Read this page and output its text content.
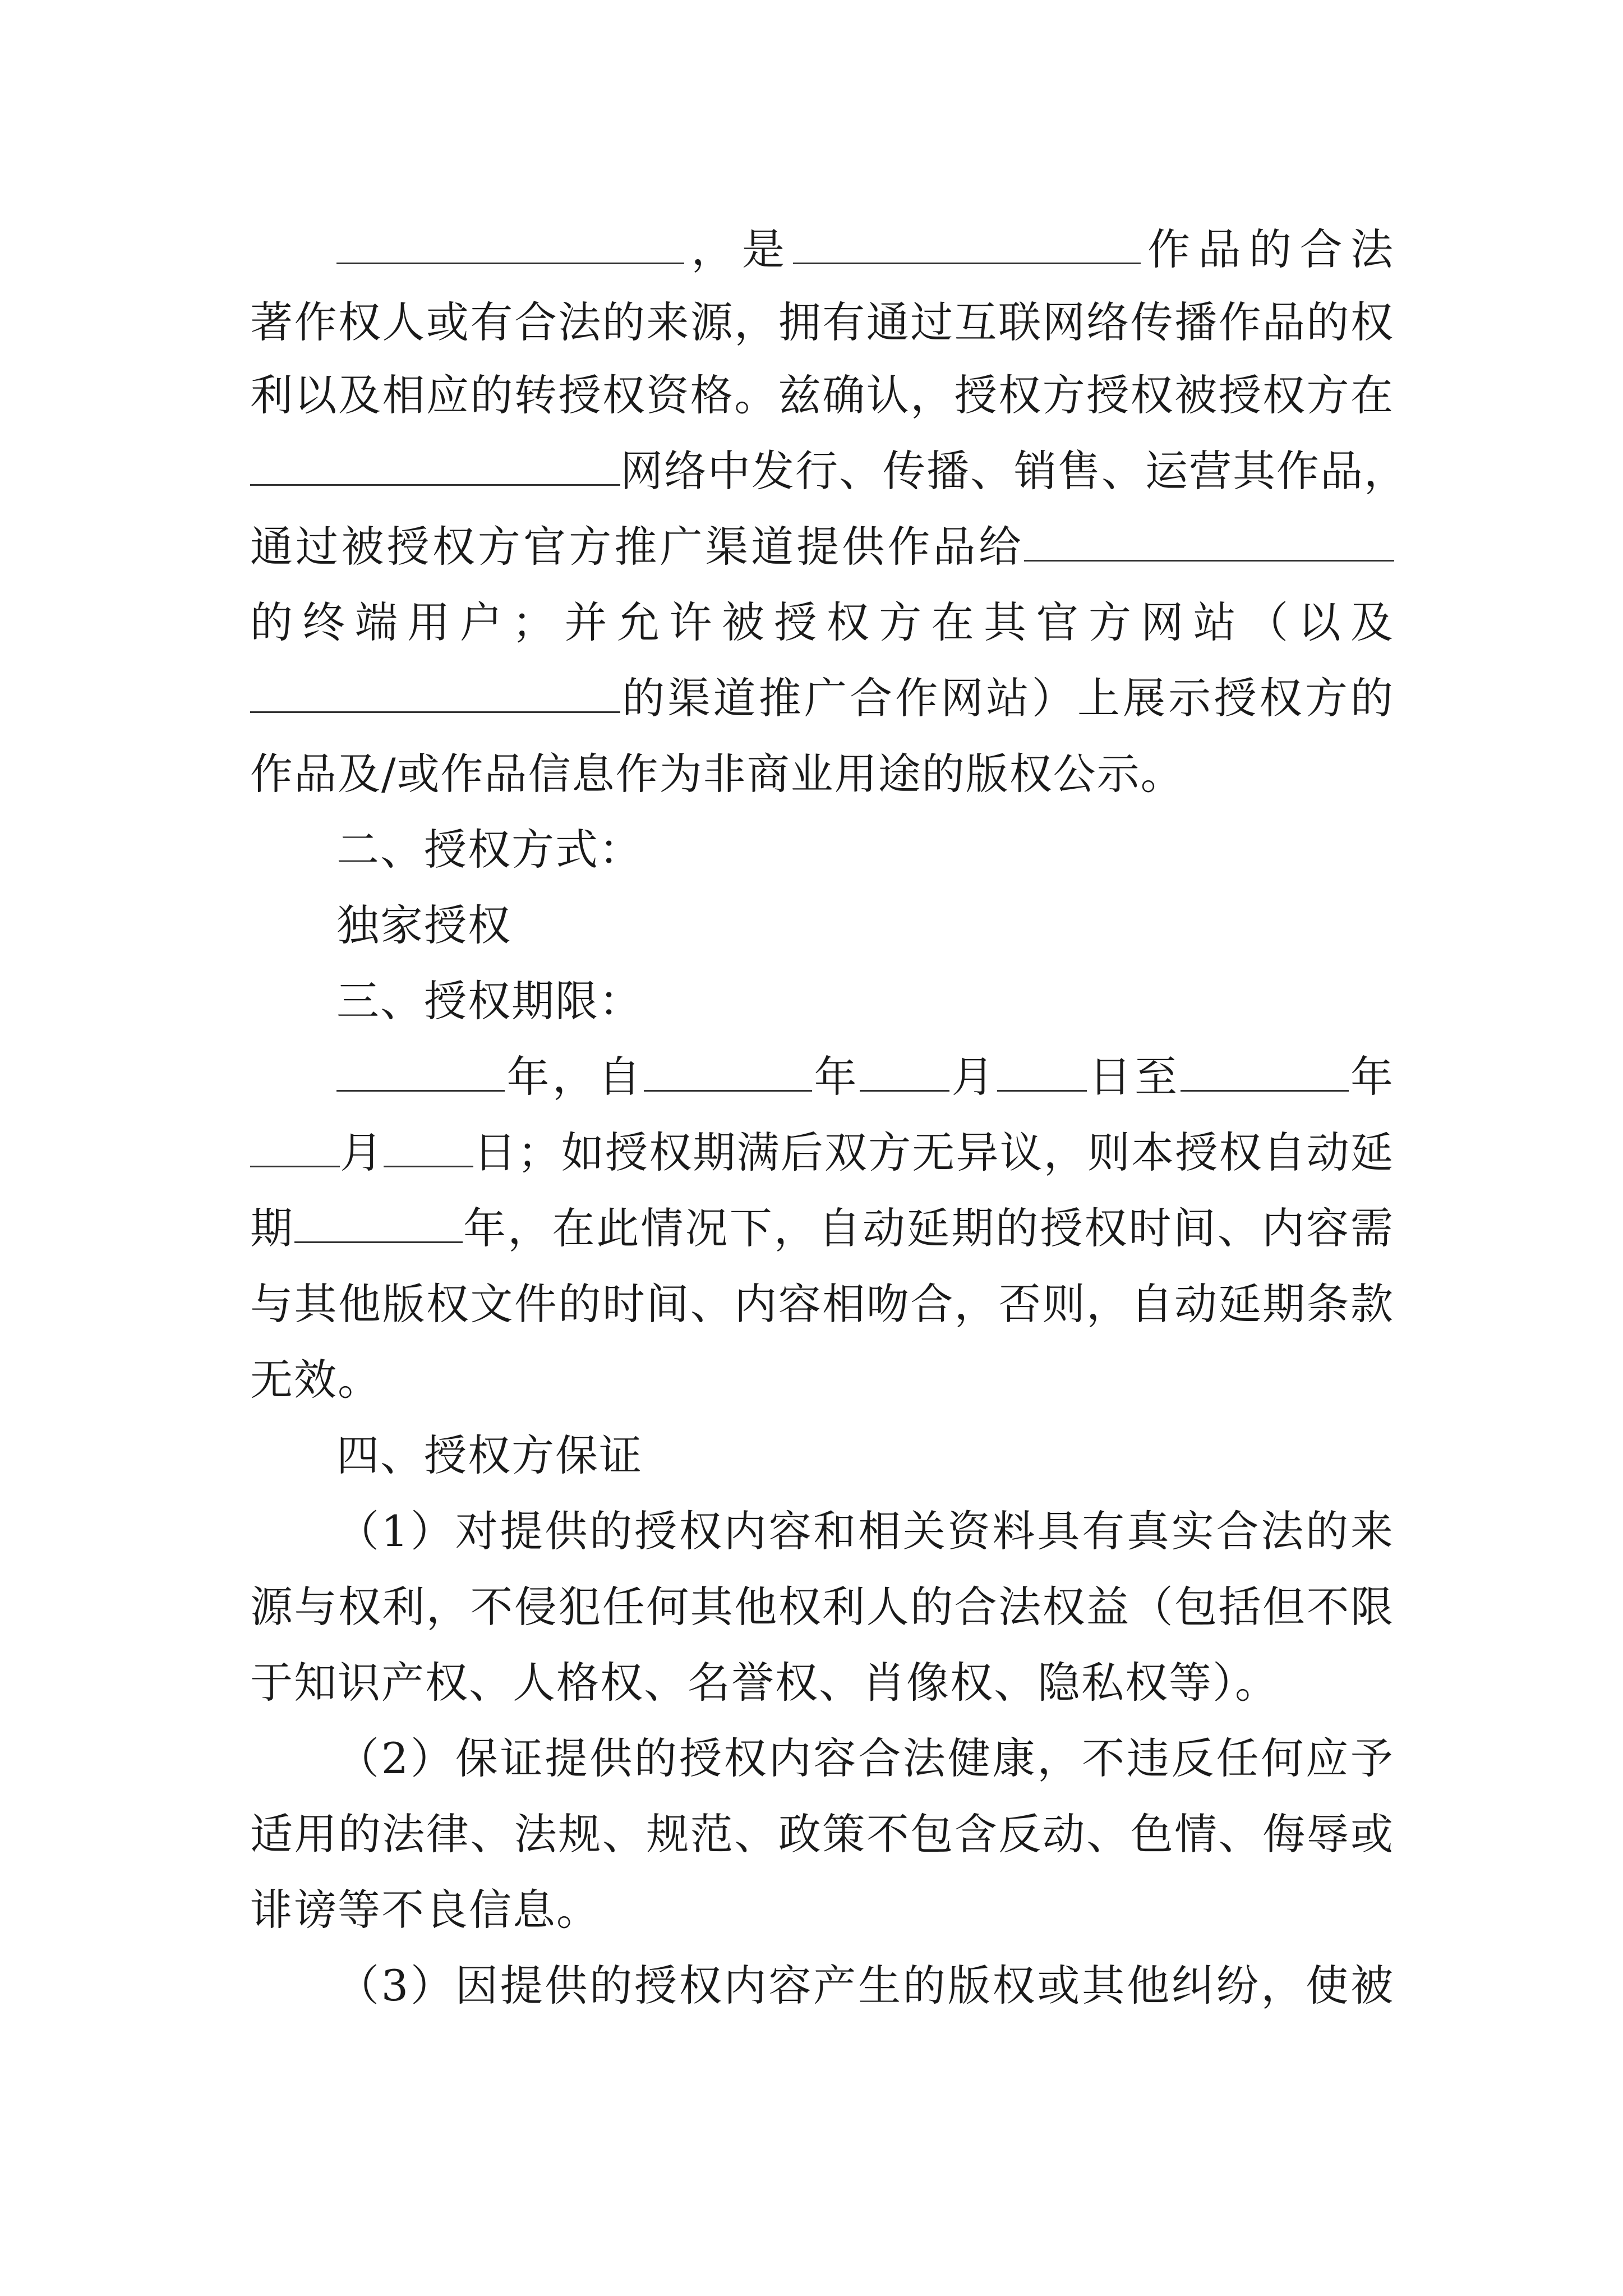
，是	作品的合法
著作权人或有合法的来源，拥有通过互联网络传播作品的权
利以及相应的转授权资格。兹确认，授权方授权被授权方在
网络中发行、传播、销售、运营其作品，
通过被授权方官方推广渠道提供作品给
的终端用户；并允许被授权方在其官方网站（以及
的渠道推广合作网站）上展示授权方的
作品及/或作品信息作为非商业用途的版权公示。
二、授权方式：
独家授权
三、授权期限：
年，自	年 月 日至	年
月 日；如授权期满后双方无异议，则本授权自动延
期	年，在此情况下，自动延期的授权时间、内容需
与其他版权文件的时间、内容相吻合，否则，自动延期条款
无效。
四、授权方保证
（1）对提供的授权内容和相关资料具有真实合法的来
源与权利，不侵犯任何其他权利人的合法权益（包括但不限
于知识产权、人格权、名誉权、肖像权、隐私权等）。
（2）保证提供的授权内容合法健康，不违反任何应予
适用的法律、法规、规范、政策不包含反动、色情、侮辱或
诽谤等不良信息。
（3）因提供的授权内容产生的版权或其他纠纷，使被
